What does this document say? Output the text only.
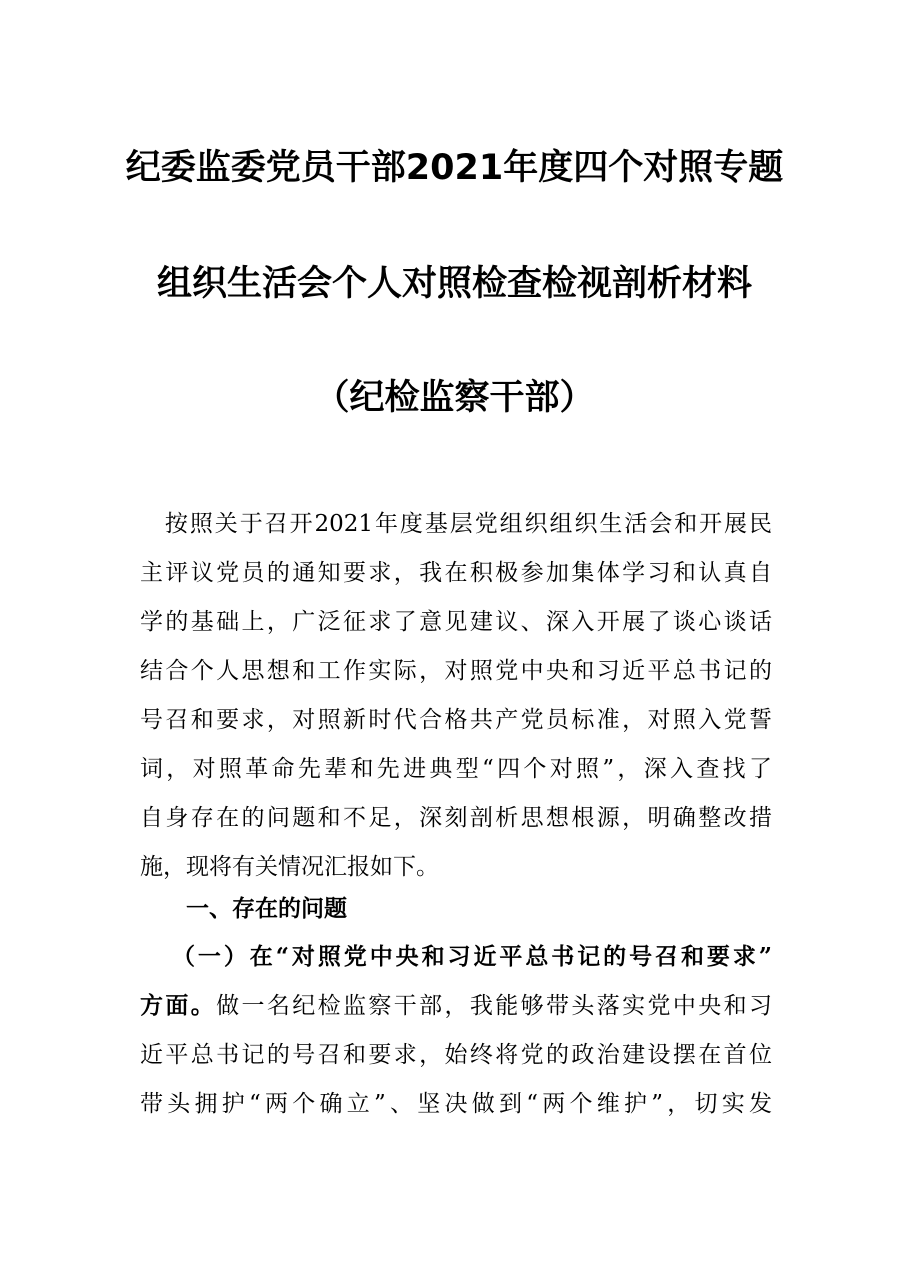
纪委监委党员干部2021年度四个对照专题
组织生活会个人对照检查检视剖析材料
（纪检监察干部）
　按照关于召开2021年度基层党组织组织生活会和开展民
主评议党员的通知要求，我在积极参加集体学习和认真自
学的基础上，广泛征求了意见建议、深入开展了谈心谈话
结合个人思想和工作实际，对照党中央和习近平总书记的
号召和要求，对照新时代合格共产党员标准，对照入党誓
词，对照革命先辈和先进典型“四个对照”，深入查找了
自身存在的问题和不足，深刻剖析思想根源，明确整改措
施，现将有关情况汇报如下。
一、存在的问题
（一）在“对照党中央和习近平总书记的号召和要求”
方面。做一名纪检监察干部，我能够带头落实党中央和习
近平总书记的号召和要求，始终将党的政治建设摆在首位
带头拥护“两个确立”、坚决做到“两个维护”，切实发
